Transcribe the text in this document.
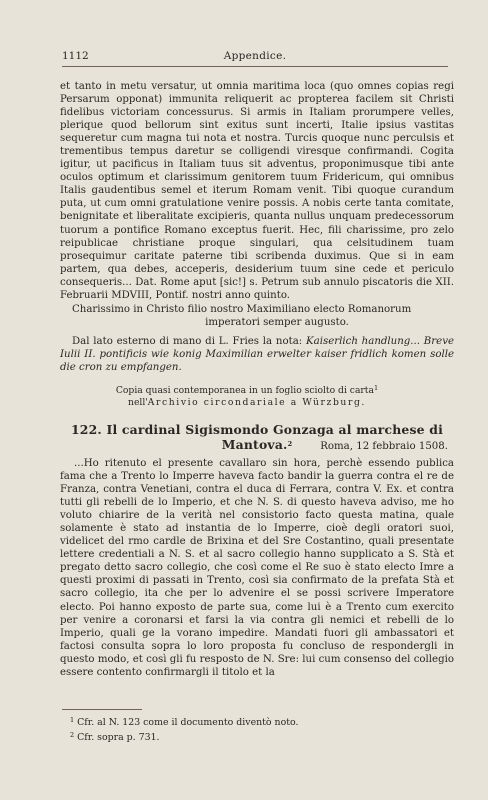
1112	Appendice.

et tanto in metu versatur, ut omnia maritima loca (quo omnes copias regi Persarum opponat) immunita reliquerit ac propterea facilem sit Christi fidelibus victoriam concessurus. Si armis in Italiam prorumpere velles, plerique quod bellorum sint exitus sunt incerti, Italie ipsius vastitas sequeretur cum magna tui nota et nostra. Turcis quoque nunc perculsis et trementibus tempus daretur se colligendi viresque confirmandi. Cogita igitur, ut pacificus in Italiam tuus sit adventus, proponimusque tibi ante oculos optimum et clarissimum genitorem tuum Fridericum, qui omnibus Italis gaudentibus semel et iterum Romam venit. Tibi quoque curandum puta, ut cum omni gratulatione venire possis. A nobis certe tanta comitate, benignitate et liberalitate excipieris, quanta nullus unquam predecessorum tuorum a pontifice Romano exceptus fuerit. Hec, fili charissime, pro zelo reipublicae christiane proque singulari, qua celsitudinem tuam prosequimur caritate paterne tibi scribenda duximus. Que si in eam partem, qua debes, acceperis, desiderium tuum sine cede et periculo consequeris... Dat. Rome aput [sic!] s. Petrum sub annulo piscatoris die XII. Februarii MDVIII, Pontif. nostri anno quinto.

Charissimo in Christo filio nostro Maximiliano electo Romanorum
imperatori semper augusto.

Dal lato esterno di mano di L. Fries la nota: Kaiserlich handlung... Breve Iulii II. pontificis wie konig Maximilian erwelter kaiser fridlich komen solle die cron zu empfangen.

Copia quasi contemporanea in un foglio sciolto di carta$^1$
nell'Archivio circondariale a Würzburg.

122. Il cardinal Sigismondo Gonzaga al marchese di Mantova.$^2$	Roma, 12 febbraio 1508.

...Ho ritenuto el presente cavallaro sin hora, perchè essendo publica fama che a Trento lo Imperre haveva facto bandir la guerra contra el re de Franza, contra Venetiani, contra el duca di Ferrara, contra V. Ex. et contra tutti gli rebelli de lo Imperio, et che N. S. di questo haveva adviso, me ho voluto chiarire de la verità nel consistorio facto questa matina, quale solamente è stato ad instantia de lo Imperre, cioè degli oratori suoi, videlicet del rmo cardle de Brixina et del Sre Costantino, quali presentate lettere credentiali a N. S. et al sacro collegio hanno supplicato a S. Stà et pregato detto sacro collegio, che così come el Re suo è stato electo Imre a questi proximi di passati in Trento, così sia confirmato de la prefata Stà et sacro collegio, ita che per lo advenire el se possi scrivere Imperatore electo. Poi hanno exposto de parte sua, come lui è a Trento cum exercito per venire a coronarsi et farsi la via contra gli nemici et rebelli de lo Imperio, quali ge la vorano impedire. Mandati fuori gli ambassatori et factosi consulta sopra lo loro proposta fu concluso de respondergli in questo modo, et così gli fu resposto de N. Sre: lui cum consenso del collegio essere contento confirmargli il titolo et la

$^1$ Cfr. al N. 123 come il documento diventò noto.
$^2$ Cfr. sopra p. 731.
